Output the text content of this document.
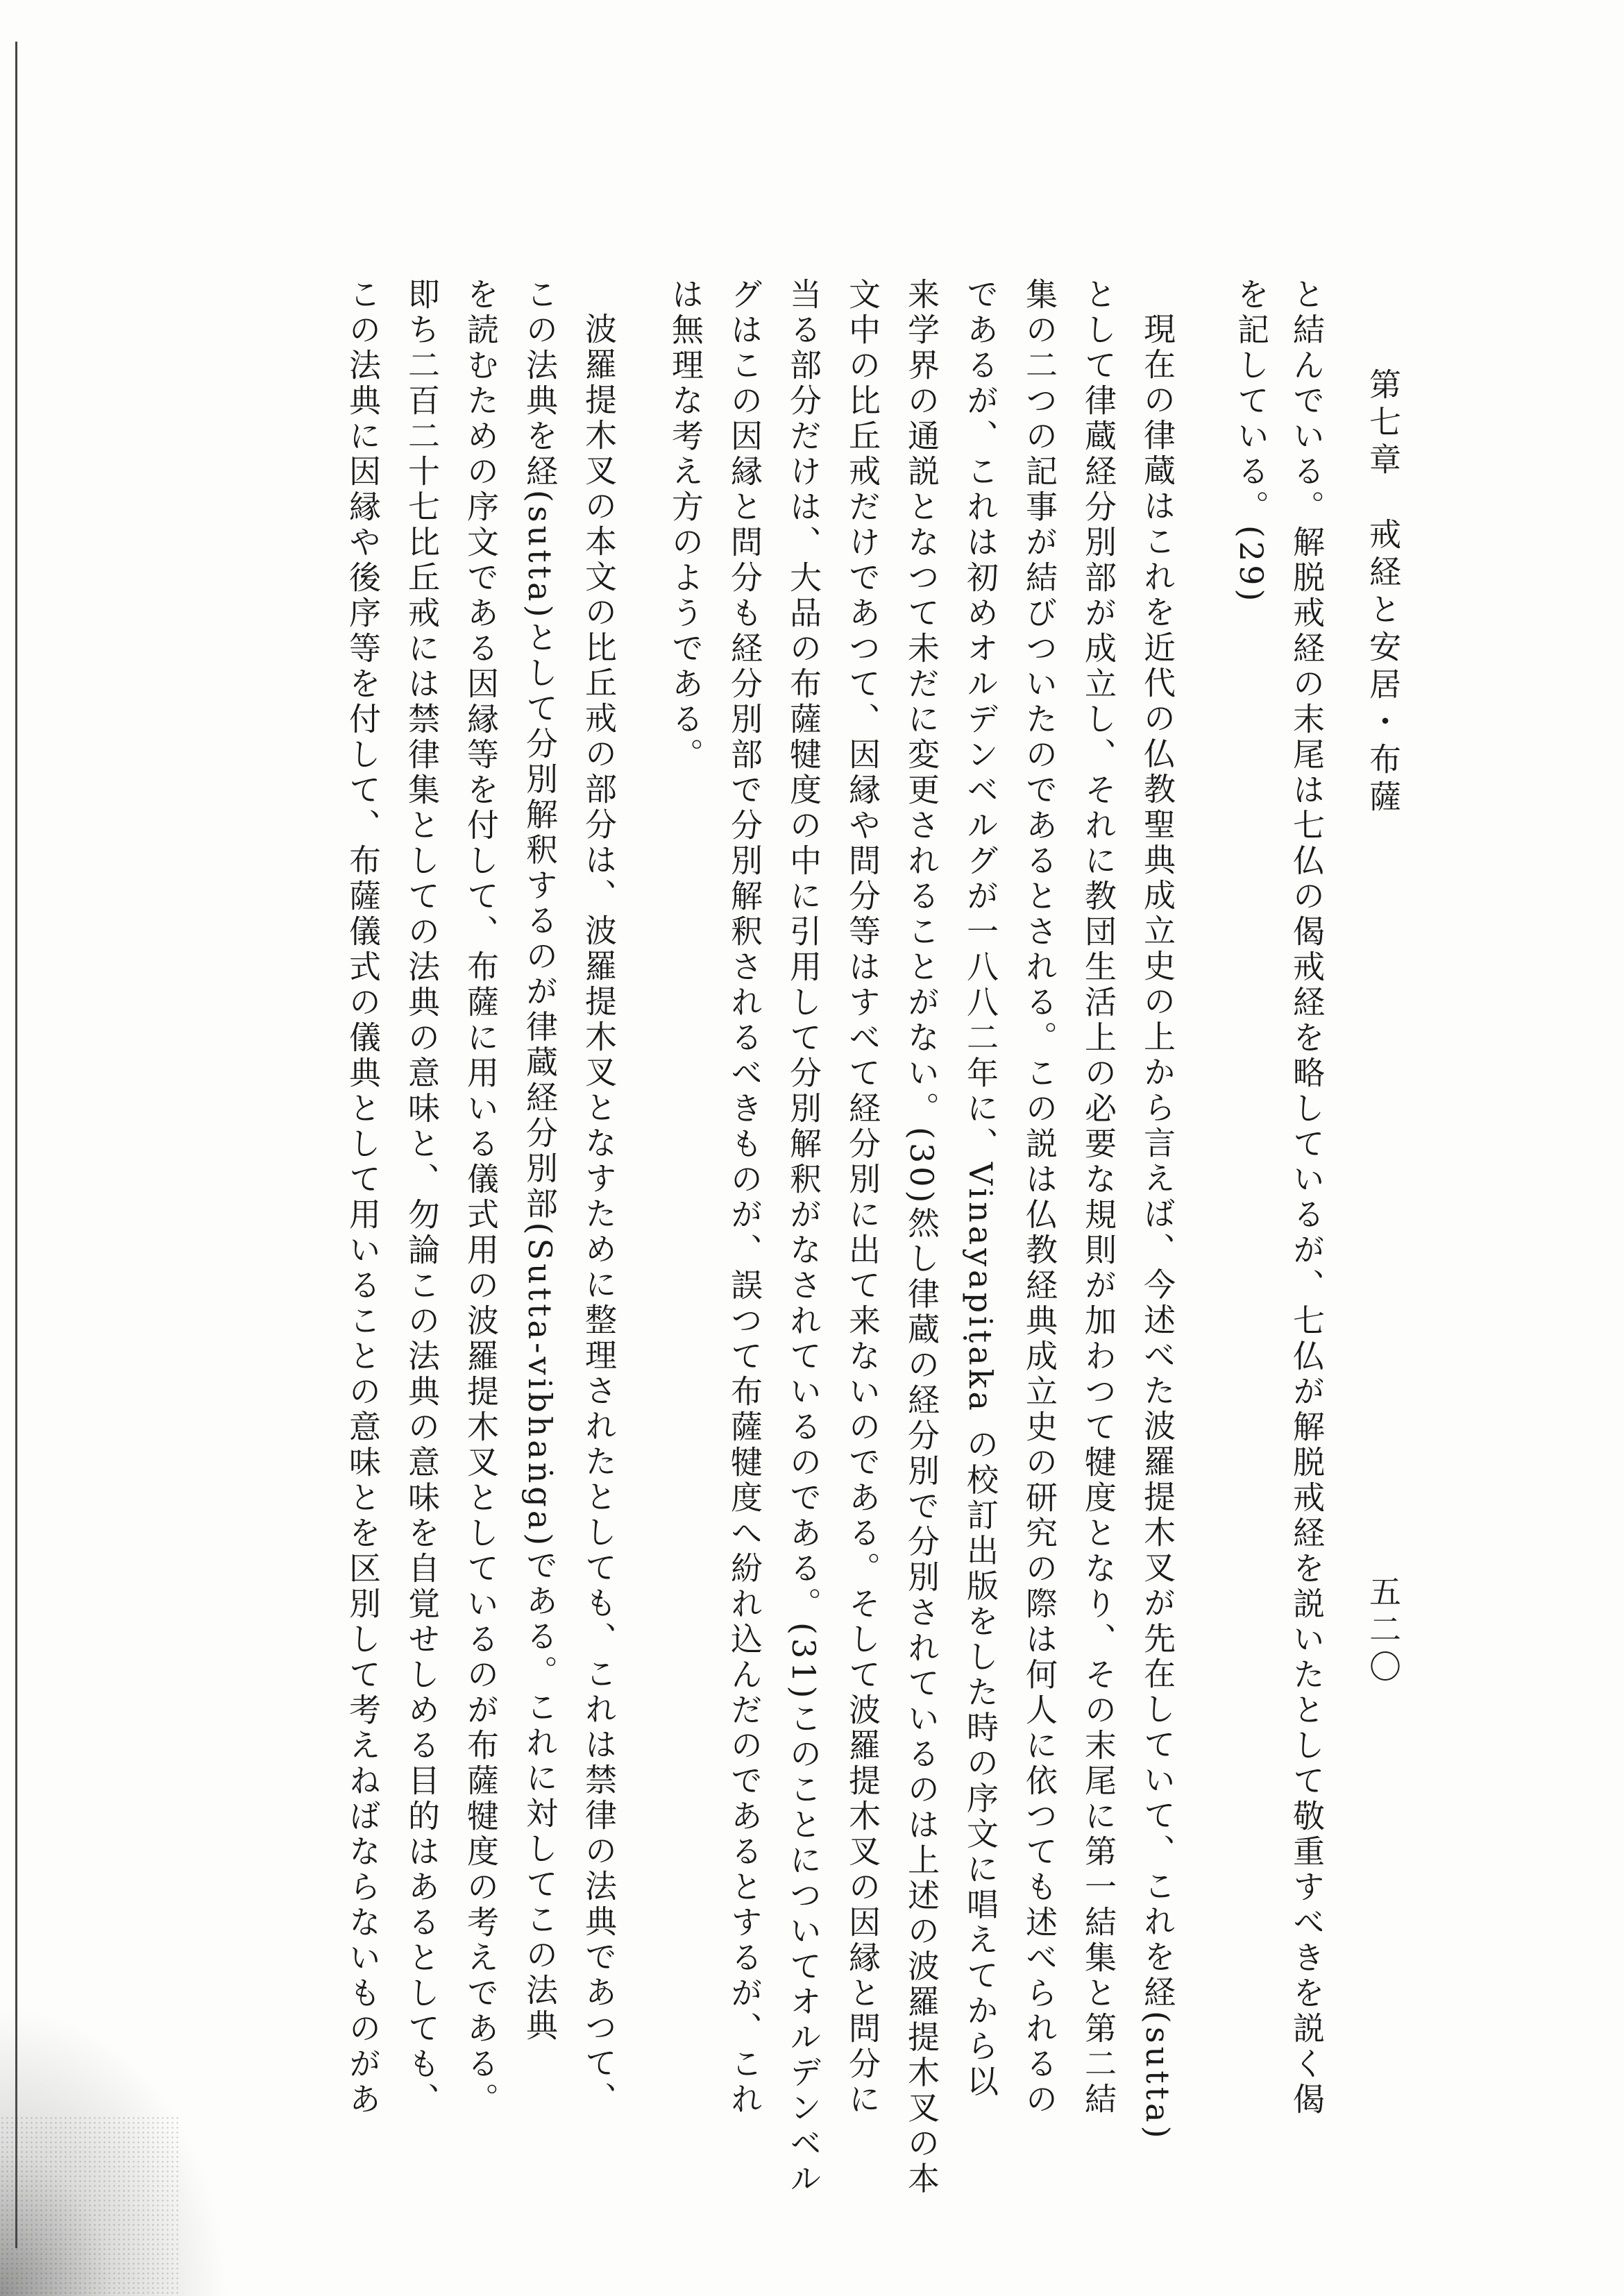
第七章　戒経と安居・布薩
五二〇
と結んでいる。解脱戒経の末尾は七仏の偈戒経を略しているが、七仏が解脱戒経を説いたとして敬重すべきを説く偈
を記している。(29)
現在の律蔵はこれを近代の仏教聖典成立史の上から言えば、今述べた波羅提木叉が先在していて、これを経(sutta)
として律蔵経分別部が成立し、それに教団生活上の必要な規則が加わつて犍度となり、その末尾に第一結集と第二結
集の二つの記事が結びついたのであるとされる。この説は仏教経典成立史の研究の際は何人に依つても述べられるの
であるが、これは初めオルデンベルグが一八八二年に、Vinayapiṭaka の校訂出版をした時の序文に唱えてから以
来学界の通説となつて未だに変更されることがない。(30)然し律蔵の経分別で分別されているのは上述の波羅提木叉の本
文中の比丘戒だけであつて、因縁や問分等はすべて経分別に出て来ないのである。そして波羅提木叉の因縁と問分に
当る部分だけは、大品の布薩犍度の中に引用して分別解釈がなされているのである。(31)このことについてオルデンベル
グはこの因縁と問分も経分別部で分別解釈されるべきものが、誤つて布薩犍度へ紛れ込んだのであるとするが、これ
は無理な考え方のようである。
波羅提木叉の本文の比丘戒の部分は、波羅提木叉となすために整理されたとしても、これは禁律の法典であつて、
この法典を経(sutta)として分別解釈するのが律蔵経分別部(Sutta-vibhaṅga)である。これに対してこの法典
を読むための序文である因縁等を付して、布薩に用いる儀式用の波羅提木叉としているのが布薩犍度の考えである。
即ち二百二十七比丘戒には禁律集としての法典の意味と、勿論この法典の意味を自覚せしめる目的はあるとしても、
この法典に因縁や後序等を付して、布薩儀式の儀典として用いることの意味とを区別して考えねばならないものがあ
